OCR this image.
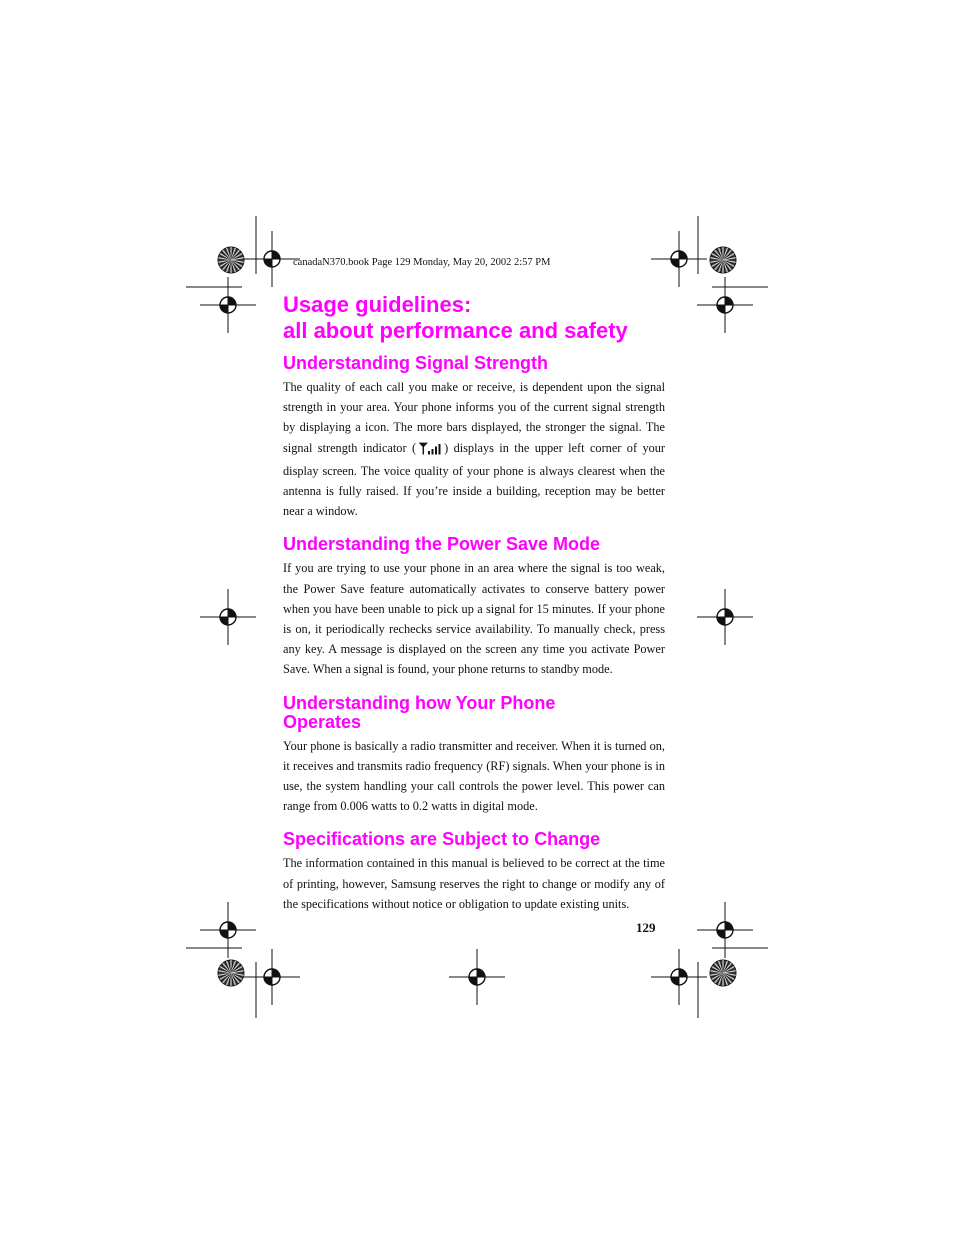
canadaN370.book Page 129 Monday, May 20, 2002 2:57 PM
Usage guidelines:
all about performance and safety
Understanding Signal Strength

The quality of each call you make or receive, is dependent upon the signal strength in your area. Your phone informs you of the current signal strength by displaying a icon. The more bars displayed, the stronger the signal. The signal strength indicator ( ) displays in the upper left corner of your display screen. The voice quality of your phone is always clearest when the antenna is fully raised. If you’re inside a building, reception may be better near a window.

Understanding the Power Save Mode

If you are trying to use your phone in an area where the signal is too weak, the Power Save feature automatically activates to conserve battery power when you have been unable to pick up a signal for 15 minutes. If your phone is on, it periodically rechecks service availability. To manually check, press any key. A message is displayed on the screen any time you activate Power Save. When a signal is found, your phone returns to standby mode.

Understanding how Your Phone
Operates

Your phone is basically a radio transmitter and receiver. When it is turned on, it receives and transmits radio frequency (RF) signals. When your phone is in use, the system handling your call controls the power level. This power can range from 0.006 watts to 0.2 watts in digital mode.

Specifications are Subject to Change

The information contained in this manual is believed to be correct at the time of printing, however, Samsung reserves the right to change or modify any of the specifications without notice or obligation to update existing units.

129
